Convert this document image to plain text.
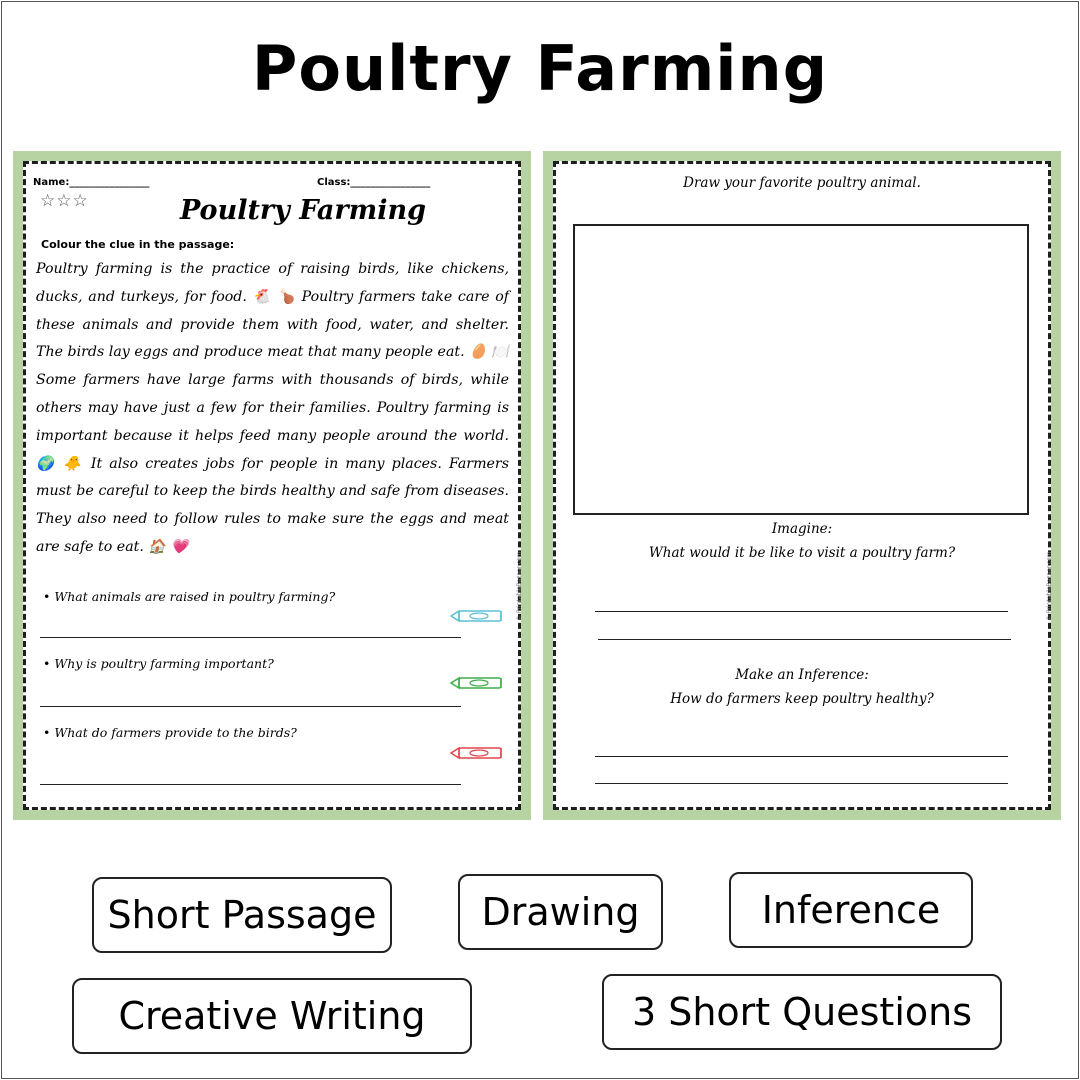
Poultry Farming
Name:________________	Class:________________
☆☆☆	Poultry Farming
Colour the clue in the passage:

Poultry farming is the practice of raising birds, like chickens, ducks, and turkeys, for food. 🐔 🍗 Poultry farmers take care of these animals and provide them with food, water, and shelter. The birds lay eggs and produce meat that many people eat. 🥚 🍽️ Some farmers have large farms with thousands of birds, while others may have just a few for their families. Poultry farming is important because it helps feed many people around the world. 🌍 🐥 It also creates jobs for people in many places. Farmers must be careful to keep the birds healthy and safe from diseases. They also need to follow rules to make sure the eggs and meat are safe to eat. 🏠 💗

• What animals are raised in poultry farming?
• Why is poultry farming important?
• What do farmers provide to the birds?
© PrintableBazaar.com
Draw your favorite poultry animal.
Imagine:
What would it be like to visit a poultry farm?
Make an Inference:
How do farmers keep poultry healthy?
© PrintableBazaar.com
Short Passage	Drawing	Inference
Creative Writing	3 Short Questions
